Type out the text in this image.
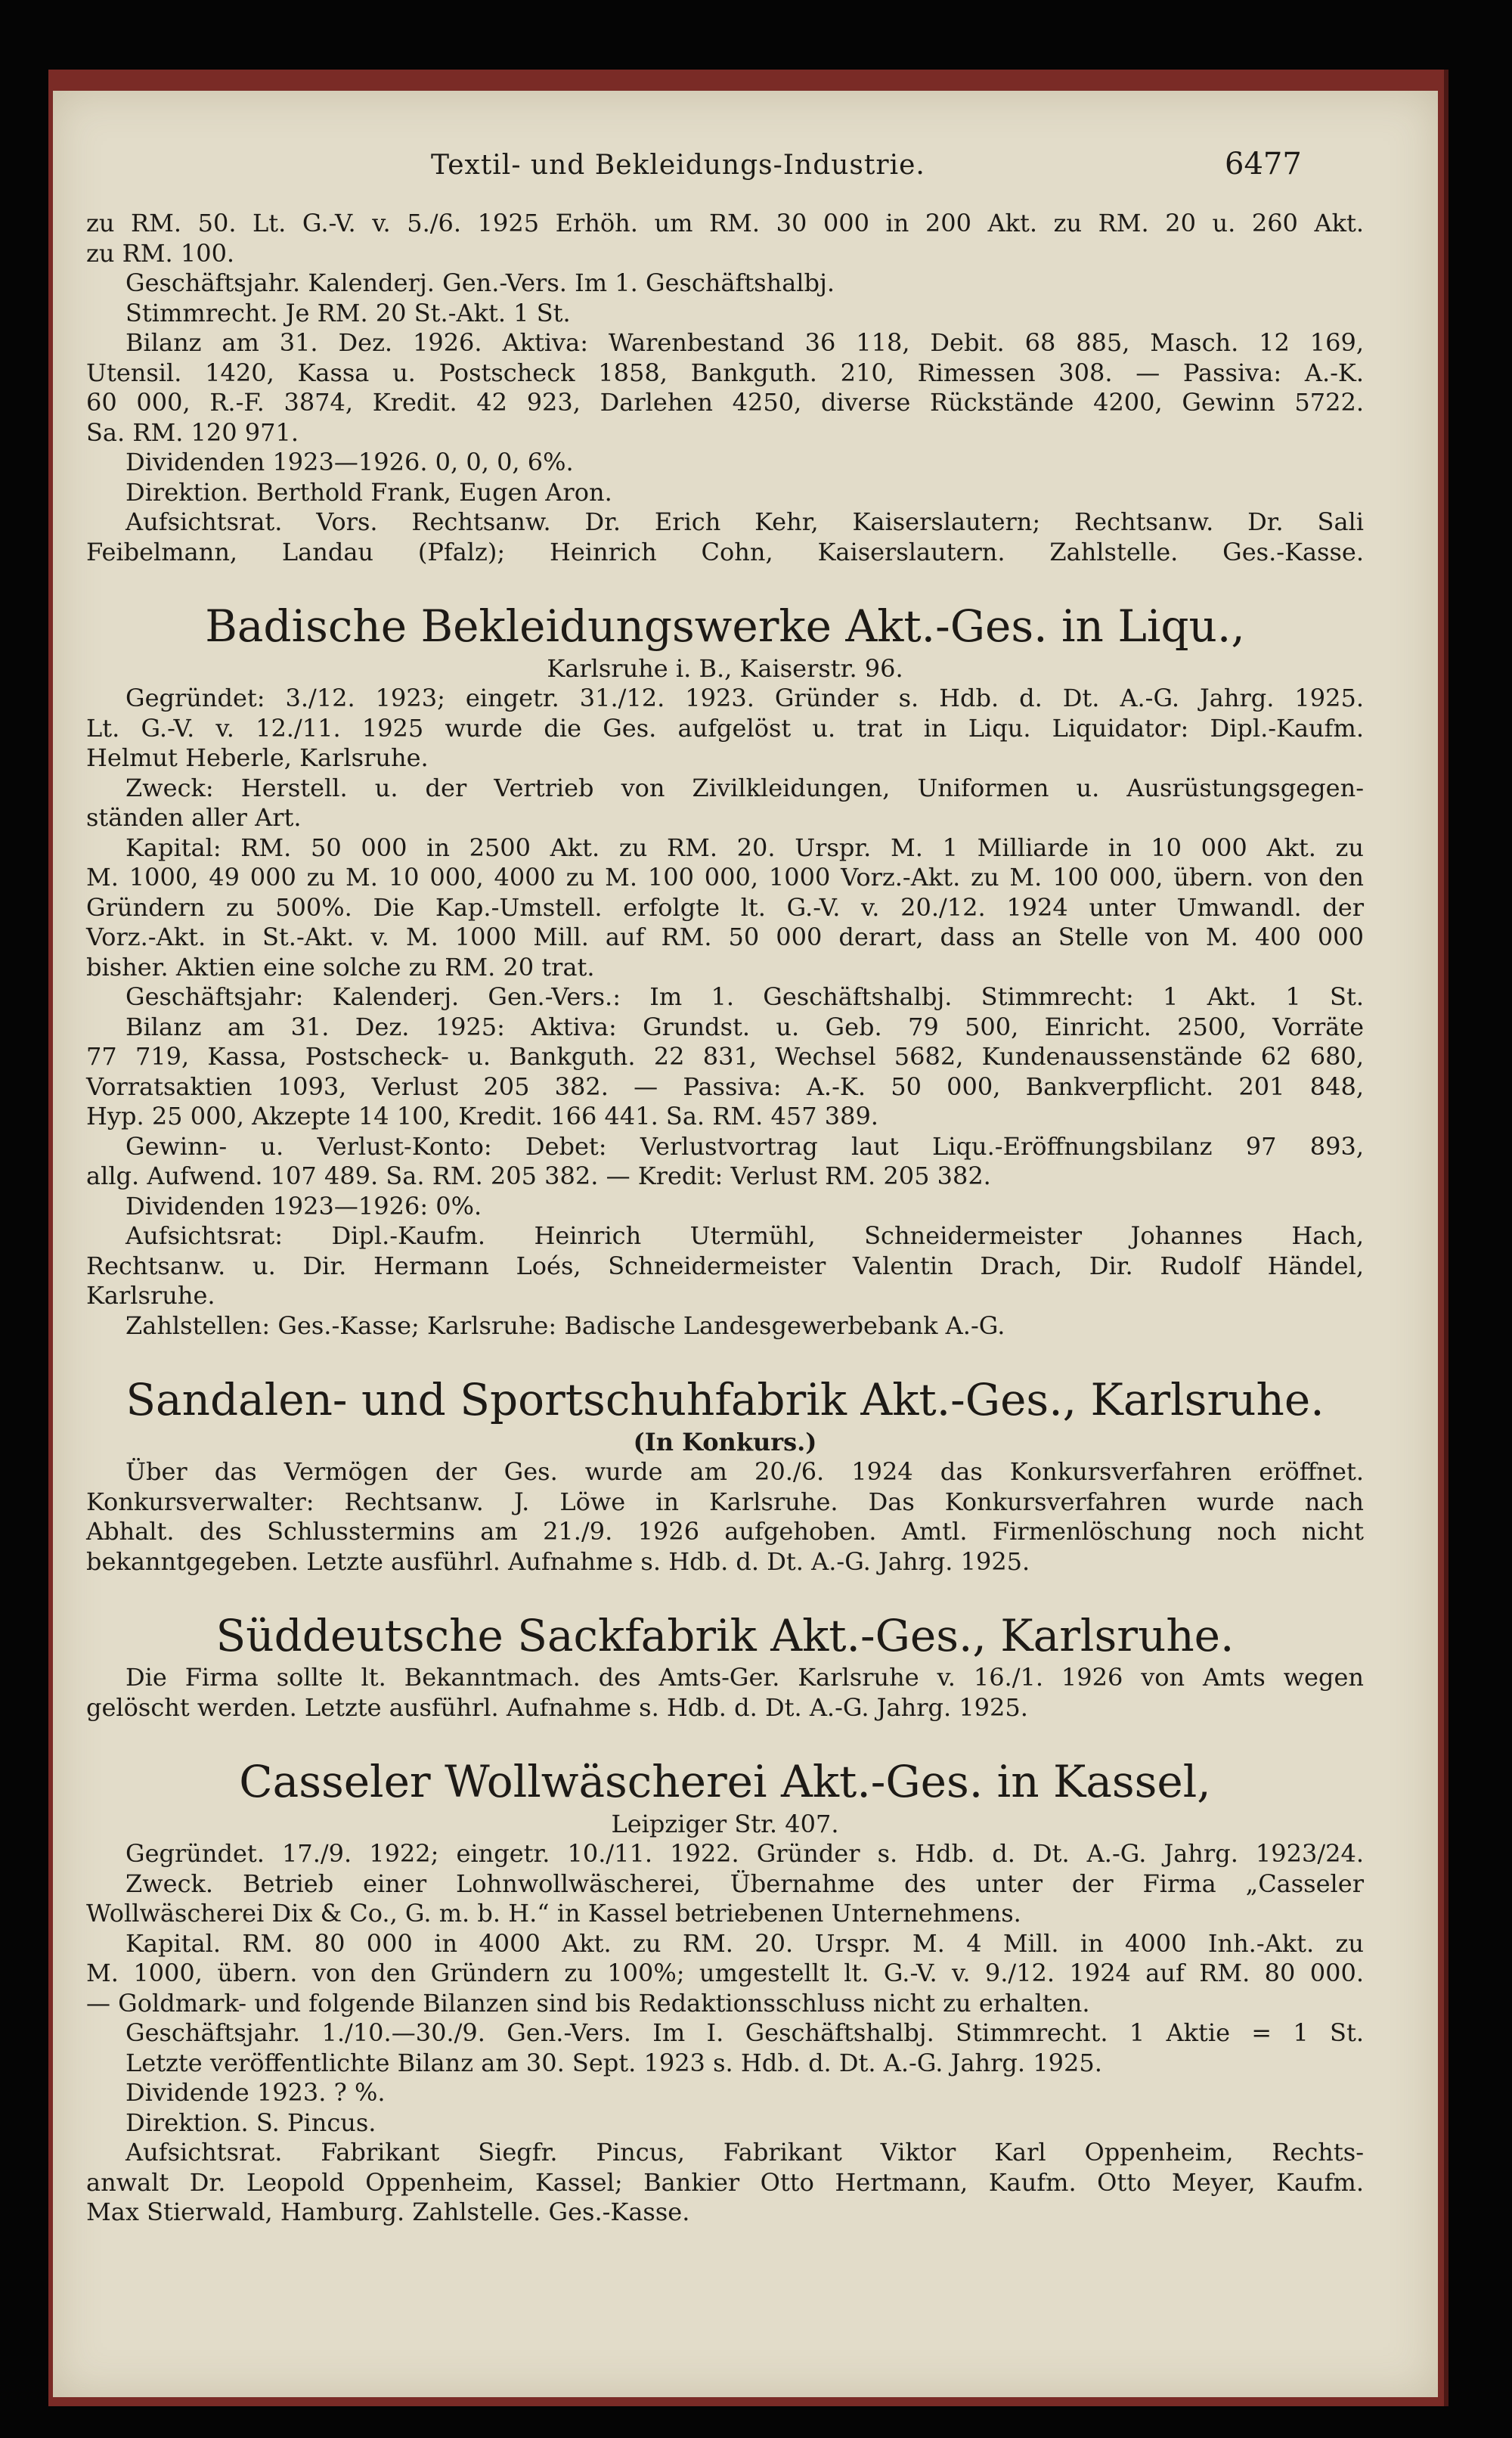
Textil- und Bekleidungs-Industrie.	6477
zu RM. 50. Lt. G.-V. v. 5./6. 1925 Erhöh. um RM. 30 000 in 200 Akt. zu RM. 20 u. 260 Akt.
zu RM. 100.
Geschäftsjahr. Kalenderj. Gen.-Vers. Im 1. Geschäftshalbj.
Stimmrecht. Je RM. 20 St.-Akt. 1 St.
Bilanz am 31. Dez. 1926. Aktiva: Warenbestand 36 118, Debit. 68 885, Masch. 12 169,
Utensil. 1420, Kassa u. Postscheck 1858, Bankguth. 210, Rimessen 308. — Passiva: A.-K.
60 000, R.-F. 3874, Kredit. 42 923, Darlehen 4250, diverse Rückstände 4200, Gewinn 5722.
Sa. RM. 120 971.
Dividenden 1923—1926. 0, 0, 0, 6%.
Direktion. Berthold Frank, Eugen Aron.
Aufsichtsrat. Vors. Rechtsanw. Dr. Erich Kehr, Kaiserslautern; Rechtsanw. Dr. Sali
Feibelmann, Landau (Pfalz); Heinrich Cohn, Kaiserslautern. Zahlstelle. Ges.-Kasse.
Badische Bekleidungswerke Akt.-Ges. in Liqu.,
Karlsruhe i. B., Kaiserstr. 96.
Gegründet: 3./12. 1923; eingetr. 31./12. 1923. Gründer s. Hdb. d. Dt. A.-G. Jahrg. 1925.
Lt. G.-V. v. 12./11. 1925 wurde die Ges. aufgelöst u. trat in Liqu. Liquidator: Dipl.-Kaufm.
Helmut Heberle, Karlsruhe.
Zweck: Herstell. u. der Vertrieb von Zivilkleidungen, Uniformen u. Ausrüstungsgegen-
ständen aller Art.
Kapital: RM. 50 000 in 2500 Akt. zu RM. 20. Urspr. M. 1 Milliarde in 10 000 Akt. zu
M. 1000, 49 000 zu M. 10 000, 4000 zu M. 100 000, 1000 Vorz.-Akt. zu M. 100 000, übern. von den
Gründern zu 500%. Die Kap.-Umstell. erfolgte lt. G.-V. v. 20./12. 1924 unter Umwandl. der
Vorz.-Akt. in St.-Akt. v. M. 1000 Mill. auf RM. 50 000 derart, dass an Stelle von M. 400 000
bisher. Aktien eine solche zu RM. 20 trat.
Geschäftsjahr: Kalenderj. Gen.-Vers.: Im 1. Geschäftshalbj. Stimmrecht: 1 Akt. 1 St.
Bilanz am 31. Dez. 1925: Aktiva: Grundst. u. Geb. 79 500, Einricht. 2500, Vorräte
77 719, Kassa, Postscheck- u. Bankguth. 22 831, Wechsel 5682, Kundenaussenstände 62 680,
Vorratsaktien 1093, Verlust 205 382. — Passiva: A.-K. 50 000, Bankverpflicht. 201 848,
Hyp. 25 000, Akzepte 14 100, Kredit. 166 441. Sa. RM. 457 389.
Gewinn- u. Verlust-Konto: Debet: Verlustvortrag laut Liqu.-Eröffnungsbilanz 97 893,
allg. Aufwend. 107 489. Sa. RM. 205 382. — Kredit: Verlust RM. 205 382.
Dividenden 1923—1926: 0%.
Aufsichtsrat: Dipl.-Kaufm. Heinrich Utermühl, Schneidermeister Johannes Hach,
Rechtsanw. u. Dir. Hermann Loés, Schneidermeister Valentin Drach, Dir. Rudolf Händel,
Karlsruhe.
Zahlstellen: Ges.-Kasse; Karlsruhe: Badische Landesgewerbebank A.-G.
Sandalen- und Sportschuhfabrik Akt.-Ges., Karlsruhe.
(In Konkurs.)
Über das Vermögen der Ges. wurde am 20./6. 1924 das Konkursverfahren eröffnet.
Konkursverwalter: Rechtsanw. J. Löwe in Karlsruhe. Das Konkursverfahren wurde nach
Abhalt. des Schlusstermins am 21./9. 1926 aufgehoben. Amtl. Firmenlöschung noch nicht
bekanntgegeben. Letzte ausführl. Aufnahme s. Hdb. d. Dt. A.-G. Jahrg. 1925.
Süddeutsche Sackfabrik Akt.-Ges., Karlsruhe.
Die Firma sollte lt. Bekanntmach. des Amts-Ger. Karlsruhe v. 16./1. 1926 von Amts wegen
gelöscht werden. Letzte ausführl. Aufnahme s. Hdb. d. Dt. A.-G. Jahrg. 1925.
Casseler Wollwäscherei Akt.-Ges. in Kassel,
Leipziger Str. 407.
Gegründet. 17./9. 1922; eingetr. 10./11. 1922. Gründer s. Hdb. d. Dt. A.-G. Jahrg. 1923/24.
Zweck. Betrieb einer Lohnwollwäscherei, Übernahme des unter der Firma „Casseler
Wollwäscherei Dix & Co., G. m. b. H.“ in Kassel betriebenen Unternehmens.
Kapital. RM. 80 000 in 4000 Akt. zu RM. 20. Urspr. M. 4 Mill. in 4000 Inh.-Akt. zu
M. 1000, übern. von den Gründern zu 100%; umgestellt lt. G.-V. v. 9./12. 1924 auf RM. 80 000.
— Goldmark- und folgende Bilanzen sind bis Redaktionsschluss nicht zu erhalten.
Geschäftsjahr. 1./10.—30./9. Gen.-Vers. Im I. Geschäftshalbj. Stimmrecht. 1 Aktie = 1 St.
Letzte veröffentlichte Bilanz am 30. Sept. 1923 s. Hdb. d. Dt. A.-G. Jahrg. 1925.
Dividende 1923. ? %.
Direktion. S. Pincus.
Aufsichtsrat. Fabrikant Siegfr. Pincus, Fabrikant Viktor Karl Oppenheim, Rechts-
anwalt Dr. Leopold Oppenheim, Kassel; Bankier Otto Hertmann, Kaufm. Otto Meyer, Kaufm.
Max Stierwald, Hamburg. Zahlstelle. Ges.-Kasse.
